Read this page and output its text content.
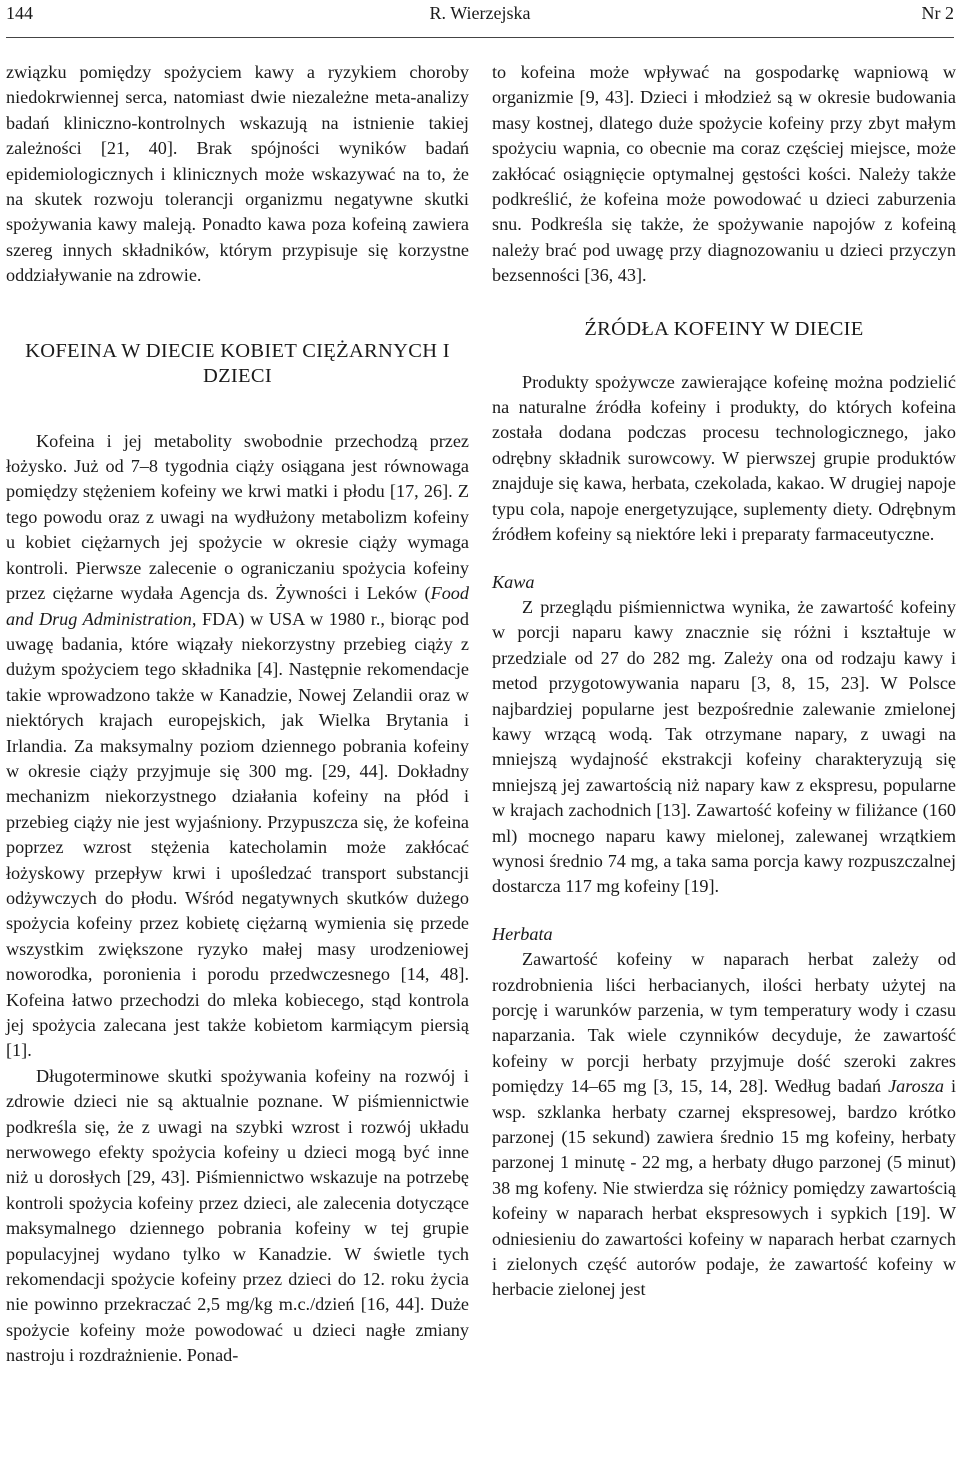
144	R. Wierzejska	Nr 2

związku pomiędzy spożyciem kawy a ryzykiem choroby niedokrwiennej serca, natomiast dwie niezależne meta-analizy badań kliniczno-kontrolnych wskazują na istnienie takiej zależności [21, 40]. Brak spójności wyników badań epidemiologicznych i klinicznych może wskazywać na to, że na skutek rozwoju tolerancji organizmu negatywne skutki spożywania kawy maleją. Ponadto kawa poza kofeiną zawiera szereg innych składników, którym przypisuje się korzystne oddziaływanie na zdrowie.

KOFEINA W DIECIE KOBIET CIĘŻARNYCH I DZIECI

Kofeina i jej metabolity swobodnie przechodzą przez łożysko. Już od 7–8 tygodnia ciąży osiągana jest równowaga pomiędzy stężeniem kofeiny we krwi matki i płodu [17, 26]. Z tego powodu oraz z uwagi na wydłużony metabolizm kofeiny u kobiet ciężarnych jej spożycie w okresie ciąży wymaga kontroli. Pierwsze zalecenie o ograniczaniu spożycia kofeiny przez ciężarne wydała Agencja ds. Żywności i Leków (Food and Drug Administration, FDA) w USA w 1980 r., biorąc pod uwagę badania, które wiązały niekorzystny przebieg ciąży z dużym spożyciem tego składnika [4]. Następnie rekomendacje takie wprowadzono także w Kanadzie, Nowej Zelandii oraz w niektórych krajach europejskich, jak Wielka Brytania i Irlandia. Za maksymalny poziom dziennego pobrania kofeiny w okresie ciąży przyjmuje się 300 mg. [29, 44]. Dokładny mechanizm niekorzystnego działania kofeiny na płód i przebieg ciąży nie jest wyjaśniony. Przypuszcza się, że kofeina poprzez wzrost stężenia katecholamin może zakłócać łożyskowy przepływ krwi i upośledzać transport substancji odżywczych do płodu. Wśród negatywnych skutków dużego spożycia kofeiny przez kobietę ciężarną wymienia się przede wszystkim zwiększone ryzyko małej masy urodzeniowej noworodka, poronienia i porodu przedwczesnego [14, 48]. Kofeina łatwo przechodzi do mleka kobiecego, stąd kontrola jej spożycia zalecana jest także kobietom karmiącym piersią [1].

Długoterminowe skutki spożywania kofeiny na rozwój i zdrowie dzieci nie są aktualnie poznane. W piśmiennictwie podkreśla się, że z uwagi na szybki wzrost i rozwój układu nerwowego efekty spożycia kofeiny u dzieci mogą być inne niż u dorosłych [29, 43]. Piśmiennictwo wskazuje na potrzebę kontroli spożycia kofeiny przez dzieci, ale zalecenia dotyczące maksymalnego dziennego pobrania kofeiny w tej grupie populacyjnej wydano tylko w Kanadzie. W świetle tych rekomendacji spożycie kofeiny przez dzieci do 12. roku życia nie powinno przekraczać 2,5 mg/kg m.c./dzień [16, 44]. Duże spożycie kofeiny może powodować u dzieci nagłe zmiany nastroju i rozdrażnienie. Ponad-

to kofeina może wpływać na gospodarkę wapniową w organizmie [9, 43]. Dzieci i młodzież są w okresie budowania masy kostnej, dlatego duże spożycie kofeiny przy zbyt małym spożyciu wapnia, co obecnie ma coraz częściej miejsce, może zakłócać osiągnięcie optymalnej gęstości kości. Należy także podkreślić, że kofeina może powodować u dzieci zaburzenia snu. Podkreśla się także, że spożywanie napojów z kofeiną należy brać pod uwagę przy diagnozowaniu u dzieci przyczyn bezsenności [36, 43].

ŹRÓDŁA KOFEINY W DIECIE

Produkty spożywcze zawierające kofeinę można podzielić na naturalne źródła kofeiny i produkty, do których kofeina została dodana podczas procesu technologicznego, jako odrębny składnik surowcowy. W pierwszej grupie produktów znajduje się kawa, herbata, czekolada, kakao. W drugiej napoje typu cola, napoje energetyzujące, suplementy diety. Odrębnym źródłem kofeiny są niektóre leki i preparaty farmaceutyczne.

Kawa

Z przeglądu piśmiennictwa wynika, że zawartość kofeiny w porcji naparu kawy znacznie się różni i kształtuje w przedziale od 27 do 282 mg. Zależy ona od rodzaju kawy i metod przygotowywania naparu [3, 8, 15, 23]. W Polsce najbardziej popularne jest bezpośrednie zalewanie zmielonej kawy wrzącą wodą. Tak otrzymane napary, z uwagi na mniejszą wydajność ekstrakcji kofeiny charakteryzują się mniejszą jej zawartością niż napary kaw z ekspresu, popularne w krajach zachodnich [13]. Zawartość kofeiny w filiżance (160 ml) mocnego naparu kawy mielonej, zalewanej wrzątkiem wynosi średnio 74 mg, a taka sama porcja kawy rozpuszczalnej dostarcza 117 mg kofeiny [19].

Herbata

Zawartość kofeiny w naparach herbat zależy od rozdrobnienia liści herbacianych, ilości herbaty użytej na porcję i warunków parzenia, w tym temperatury wody i czasu naparzania. Tak wiele czynników decyduje, że zawartość kofeiny w porcji herbaty przyjmuje dość szeroki zakres pomiędzy 14–65 mg [3, 15, 14, 28]. Według badań Jarosza i wsp. szklanka herbaty czarnej ekspresowej, bardzo krótko parzonej (15 sekund) zawiera średnio 15 mg kofeiny, herbaty parzonej 1 minutę - 22 mg, a herbaty długo parzonej (5 minut) 38 mg kofeny. Nie stwierdza się różnicy pomiędzy zawartością kofeiny w naparach herbat ekspresowych i sypkich [19]. W odniesieniu do zawartości kofeiny w naparach herbat czarnych i zielonych część autorów podaje, że zawartość kofeiny w herbacie zielonej jest
